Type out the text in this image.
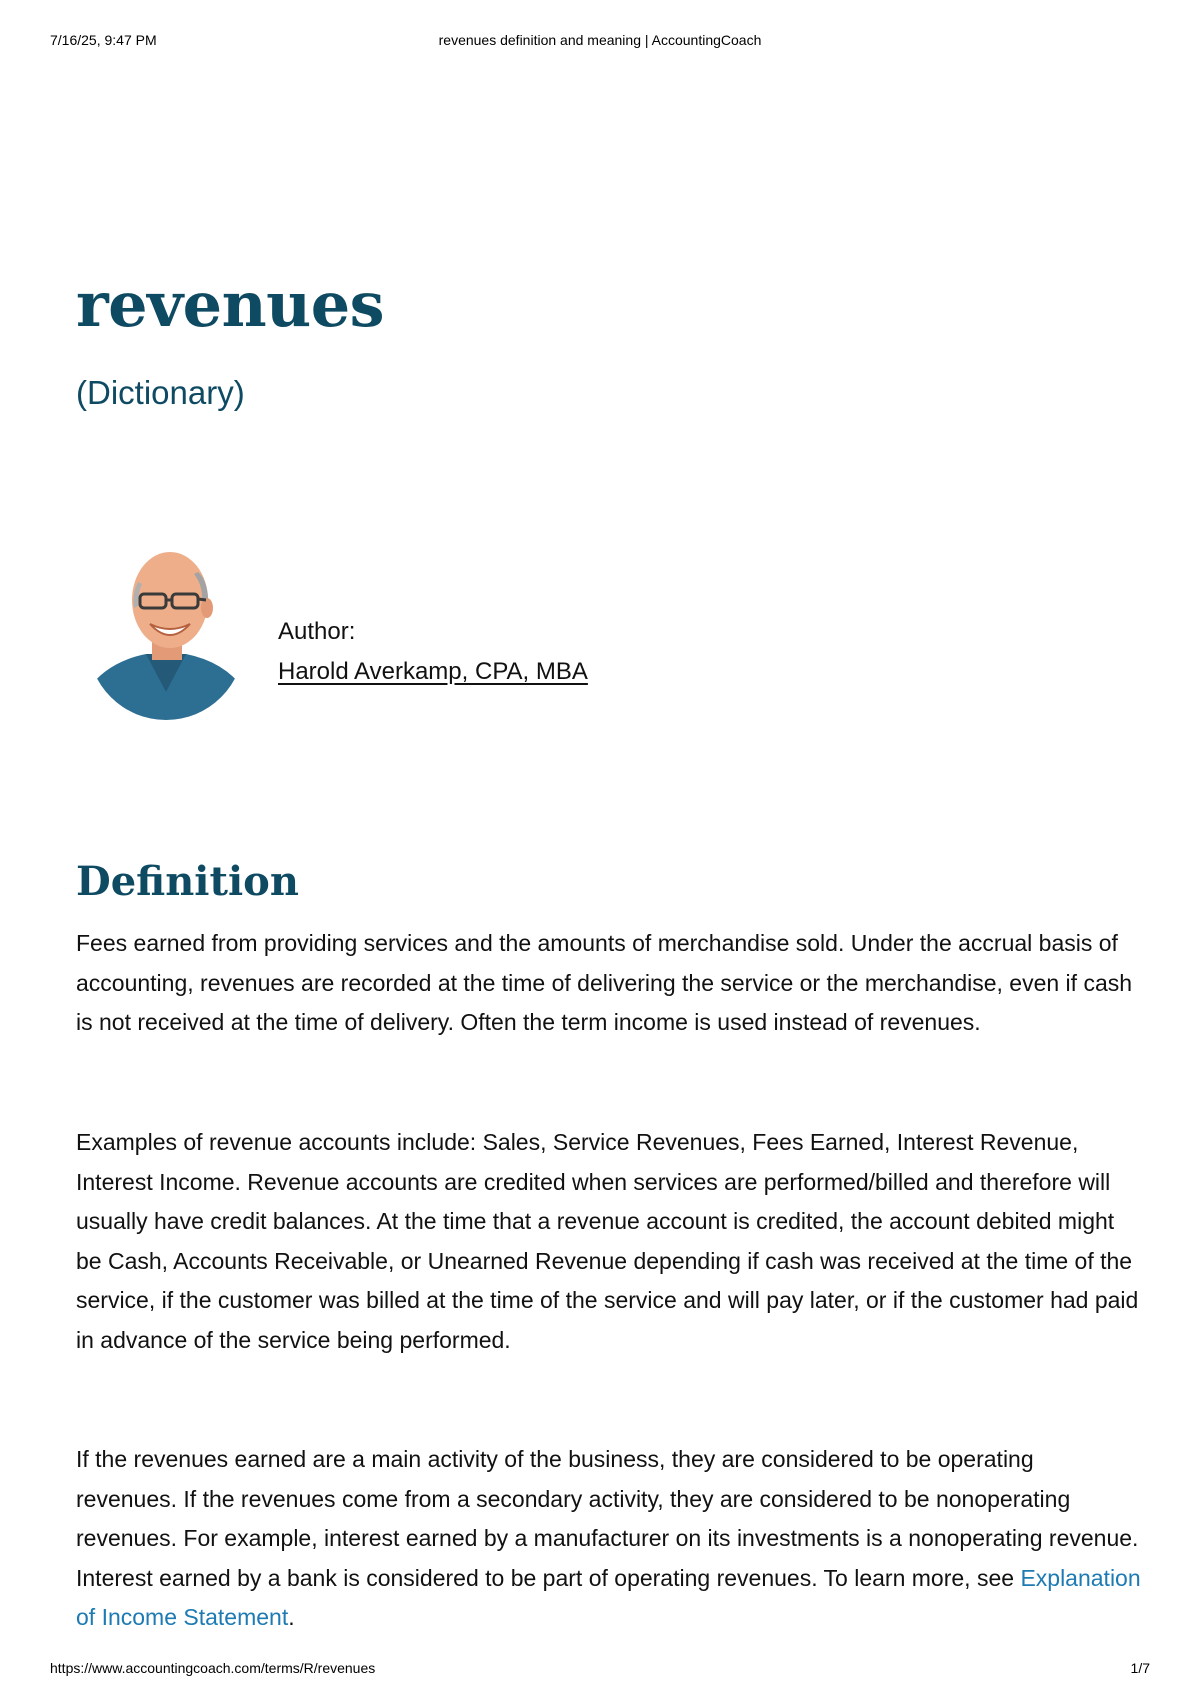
7/16/25, 9:47 PM	revenues definition and meaning | AccountingCoach
revenues
(Dictionary)
Author:
Harold Averkamp, CPA, MBA
Definition

Fees earned from providing services and the amounts of merchandise sold. Under the accrual basis of accounting, revenues are recorded at the time of delivering the service or the merchandise, even if cash is not received at the time of delivery. Often the term income is used instead of revenues.

Examples of revenue accounts include: Sales, Service Revenues, Fees Earned, Interest Revenue, Interest Income. Revenue accounts are credited when services are performed/billed and therefore will usually have credit balances. At the time that a revenue account is credited, the account debited might be Cash, Accounts Receivable, or Unearned Revenue depending if cash was received at the time of the service, if the customer was billed at the time of the service and will pay later, or if the customer had paid in advance of the service being performed.

If the revenues earned are a main activity of the business, they are considered to be operating revenues. If the revenues come from a secondary activity, they are considered to be nonoperating revenues. For example, interest earned by a manufacturer on its investments is a nonoperating revenue. Interest earned by a bank is considered to be part of operating revenues. To learn more, see Explanation of Income Statement.

https://www.accountingcoach.com/terms/R/revenues	1/7
